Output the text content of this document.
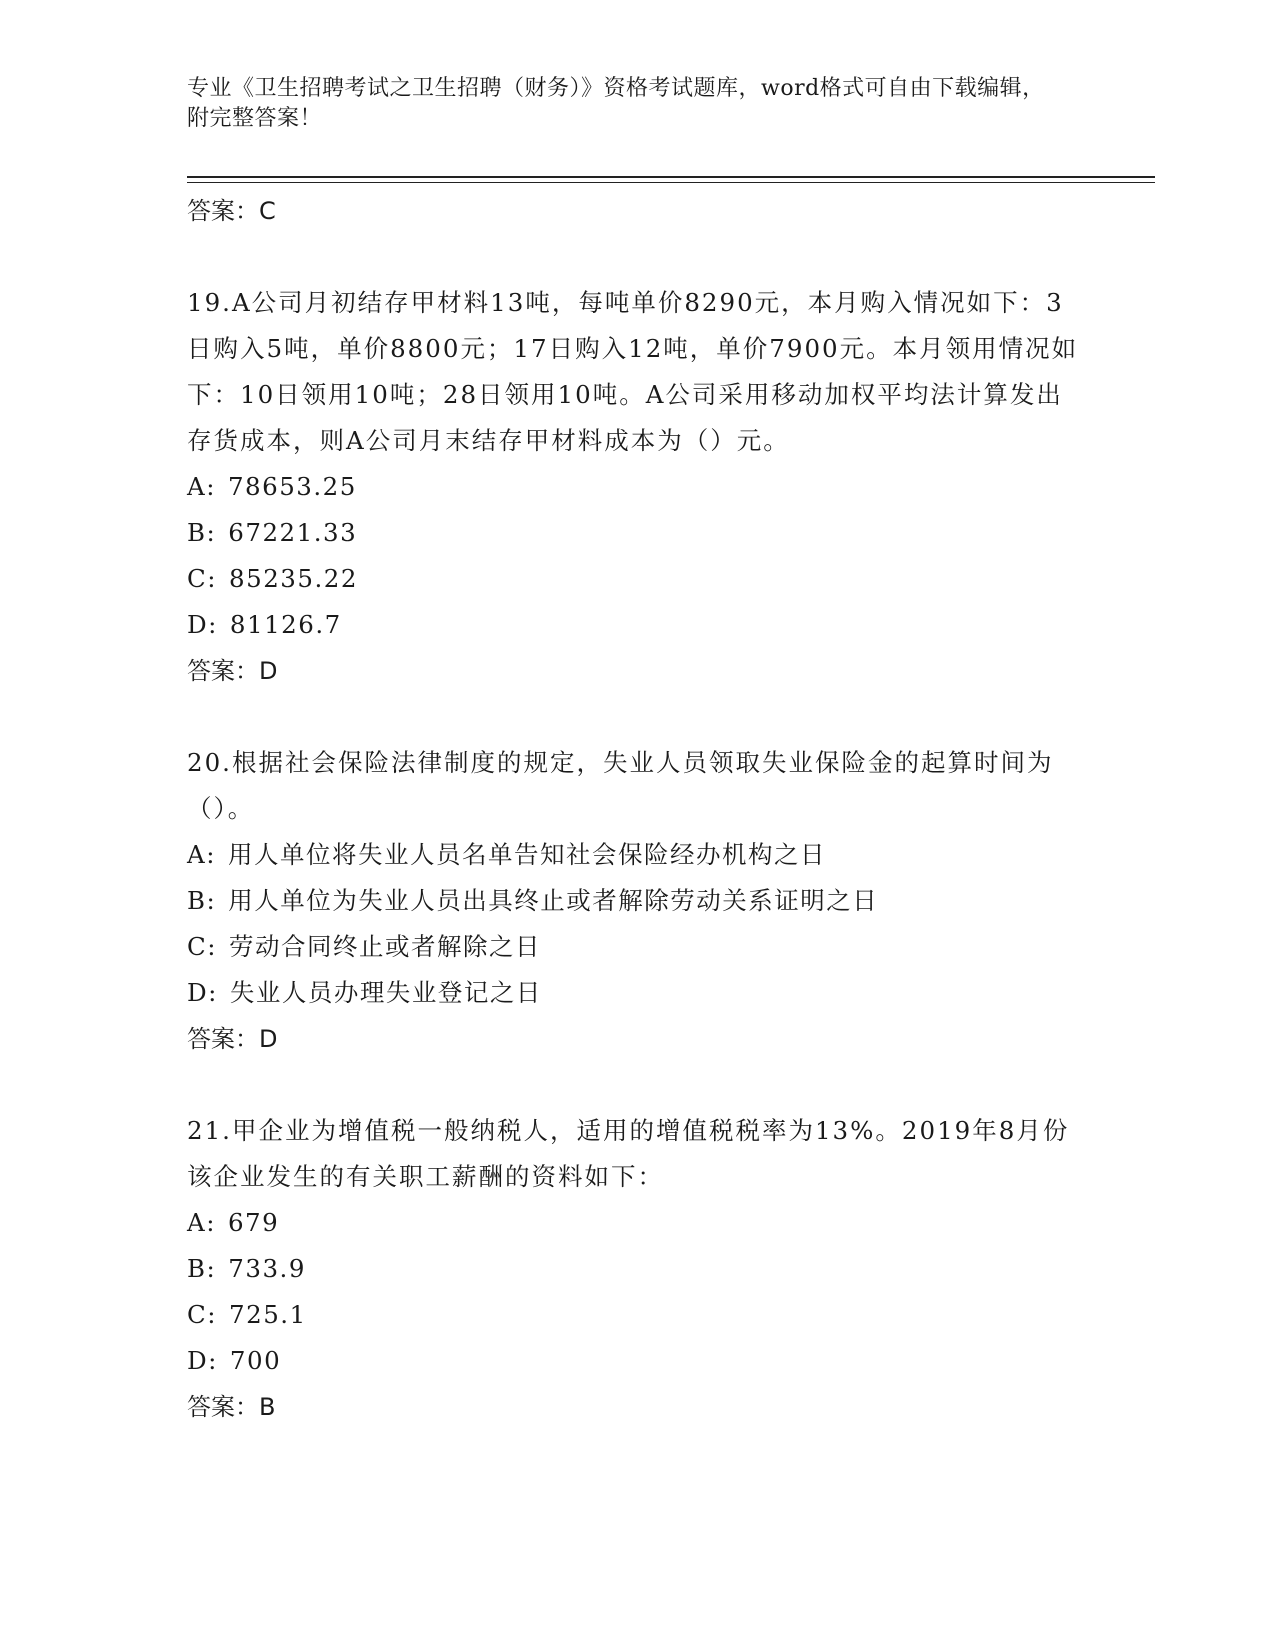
专业《卫生招聘考试之卫生招聘（财务）》资格考试题库，word格式可自由下载编辑，附完整答案！
答案：C
19.A公司月初结存甲材料13吨，每吨单价8290元，本月购入情况如下：3日购入5吨，单价8800元；17日购入12吨，单价7900元。本月领用情况如下：10日领用10吨；28日领用10吨。A公司采用移动加权平均法计算发出存货成本，则A公司月末结存甲材料成本为（）元。
A: 78653.25
B: 67221.33
C: 85235.22
D: 81126.7
答案：D
20.根据社会保险法律制度的规定，失业人员领取失业保险金的起算时间为（）。
A: 用人单位将失业人员名单告知社会保险经办机构之日
B: 用人单位为失业人员出具终止或者解除劳动关系证明之日
C: 劳动合同终止或者解除之日
D: 失业人员办理失业登记之日
答案：D
21.甲企业为增值税一般纳税人，适用的增值税税率为13%。2019年8月份该企业发生的有关职工薪酬的资料如下：
A: 679
B: 733.9
C: 725.1
D: 700
答案：B
